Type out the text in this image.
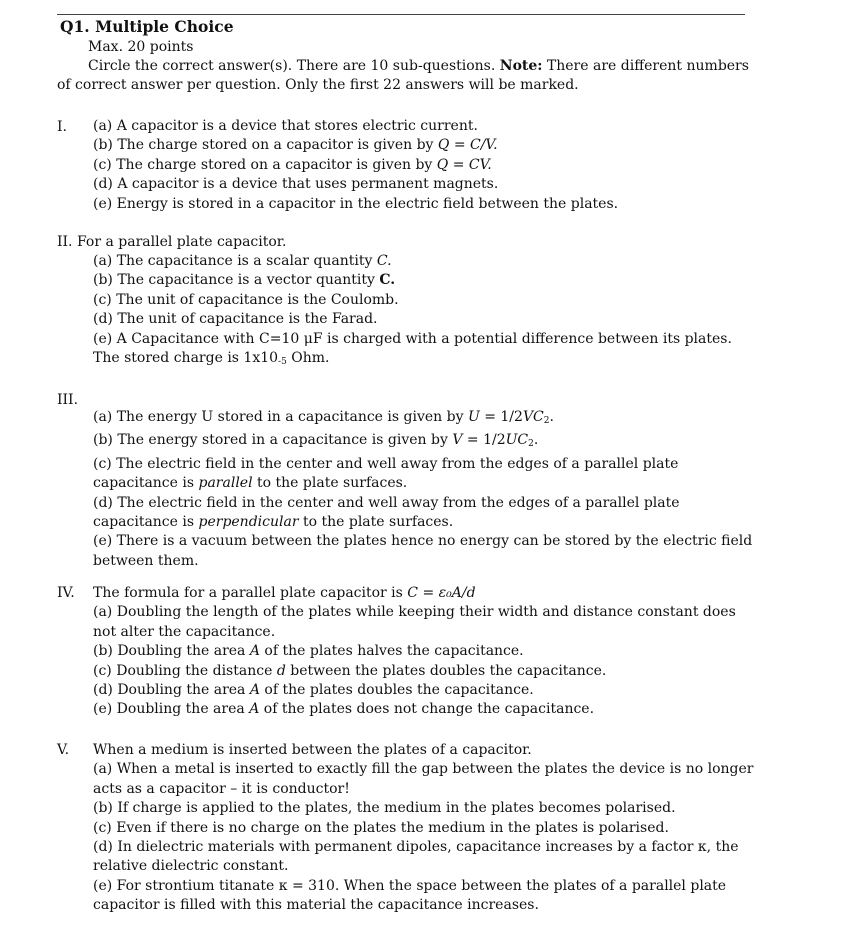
Q1. Multiple Choice
Max. 20 points
Circle the correct answer(s). There are 10 sub-questions. Note: There are different numbers
of correct answer per question. Only the first 22 answers will be marked.
I. (a) A capacitor is a device that stores electric current.
(b) The charge stored on a capacitor is given by Q = C/V.
(c) The charge stored on a capacitor is given by Q = CV.
(d) A capacitor is a device that uses permanent magnets.
(e) Energy is stored in a capacitor in the electric field between the plates.
II. For a parallel plate capacitor.
(a) The capacitance is a scalar quantity C.
(b) The capacitance is a vector quantity C.
(c) The unit of capacitance is the Coulomb.
(d) The unit of capacitance is the Farad.
(e) A Capacitance with C=10 μF is charged with a potential difference between its plates.
The stored charge is $1x10_{-5}$ Ohm.
III.
(a) The energy U stored in a capacitance is given by $U = 1/2VC_2$.
(b) The energy stored in a capacitance is given by $V = 1/2UC_2$.
(c) The electric field in the center and well away from the edges of a parallel plate
capacitance is parallel to the plate surfaces.
(d) The electric field in the center and well away from the edges of a parallel plate
capacitance is perpendicular to the plate surfaces.
(e) There is a vacuum between the plates hence no energy can be stored by the electric field
between them.
IV. The formula for a parallel plate capacitor is C = ε₀A/d
(a) Doubling the length of the plates while keeping their width and distance constant does
not alter the capacitance.
(b) Doubling the area A of the plates halves the capacitance.
(c) Doubling the distance d between the plates doubles the capacitance.
(d) Doubling the area A of the plates doubles the capacitance.
(e) Doubling the area A of the plates does not change the capacitance.
V. When a medium is inserted between the plates of a capacitor.
(a) When a metal is inserted to exactly fill the gap between the plates the device is no longer
acts as a capacitor – it is conductor!
(b) If charge is applied to the plates, the medium in the plates becomes polarised.
(c) Even if there is no charge on the plates the medium in the plates is polarised.
(d) In dielectric materials with permanent dipoles, capacitance increases by a factor κ, the
relative dielectric constant.
(e) For strontium titanate κ = 310. When the space between the plates of a parallel plate
capacitor is filled with this material the capacitance increases.
